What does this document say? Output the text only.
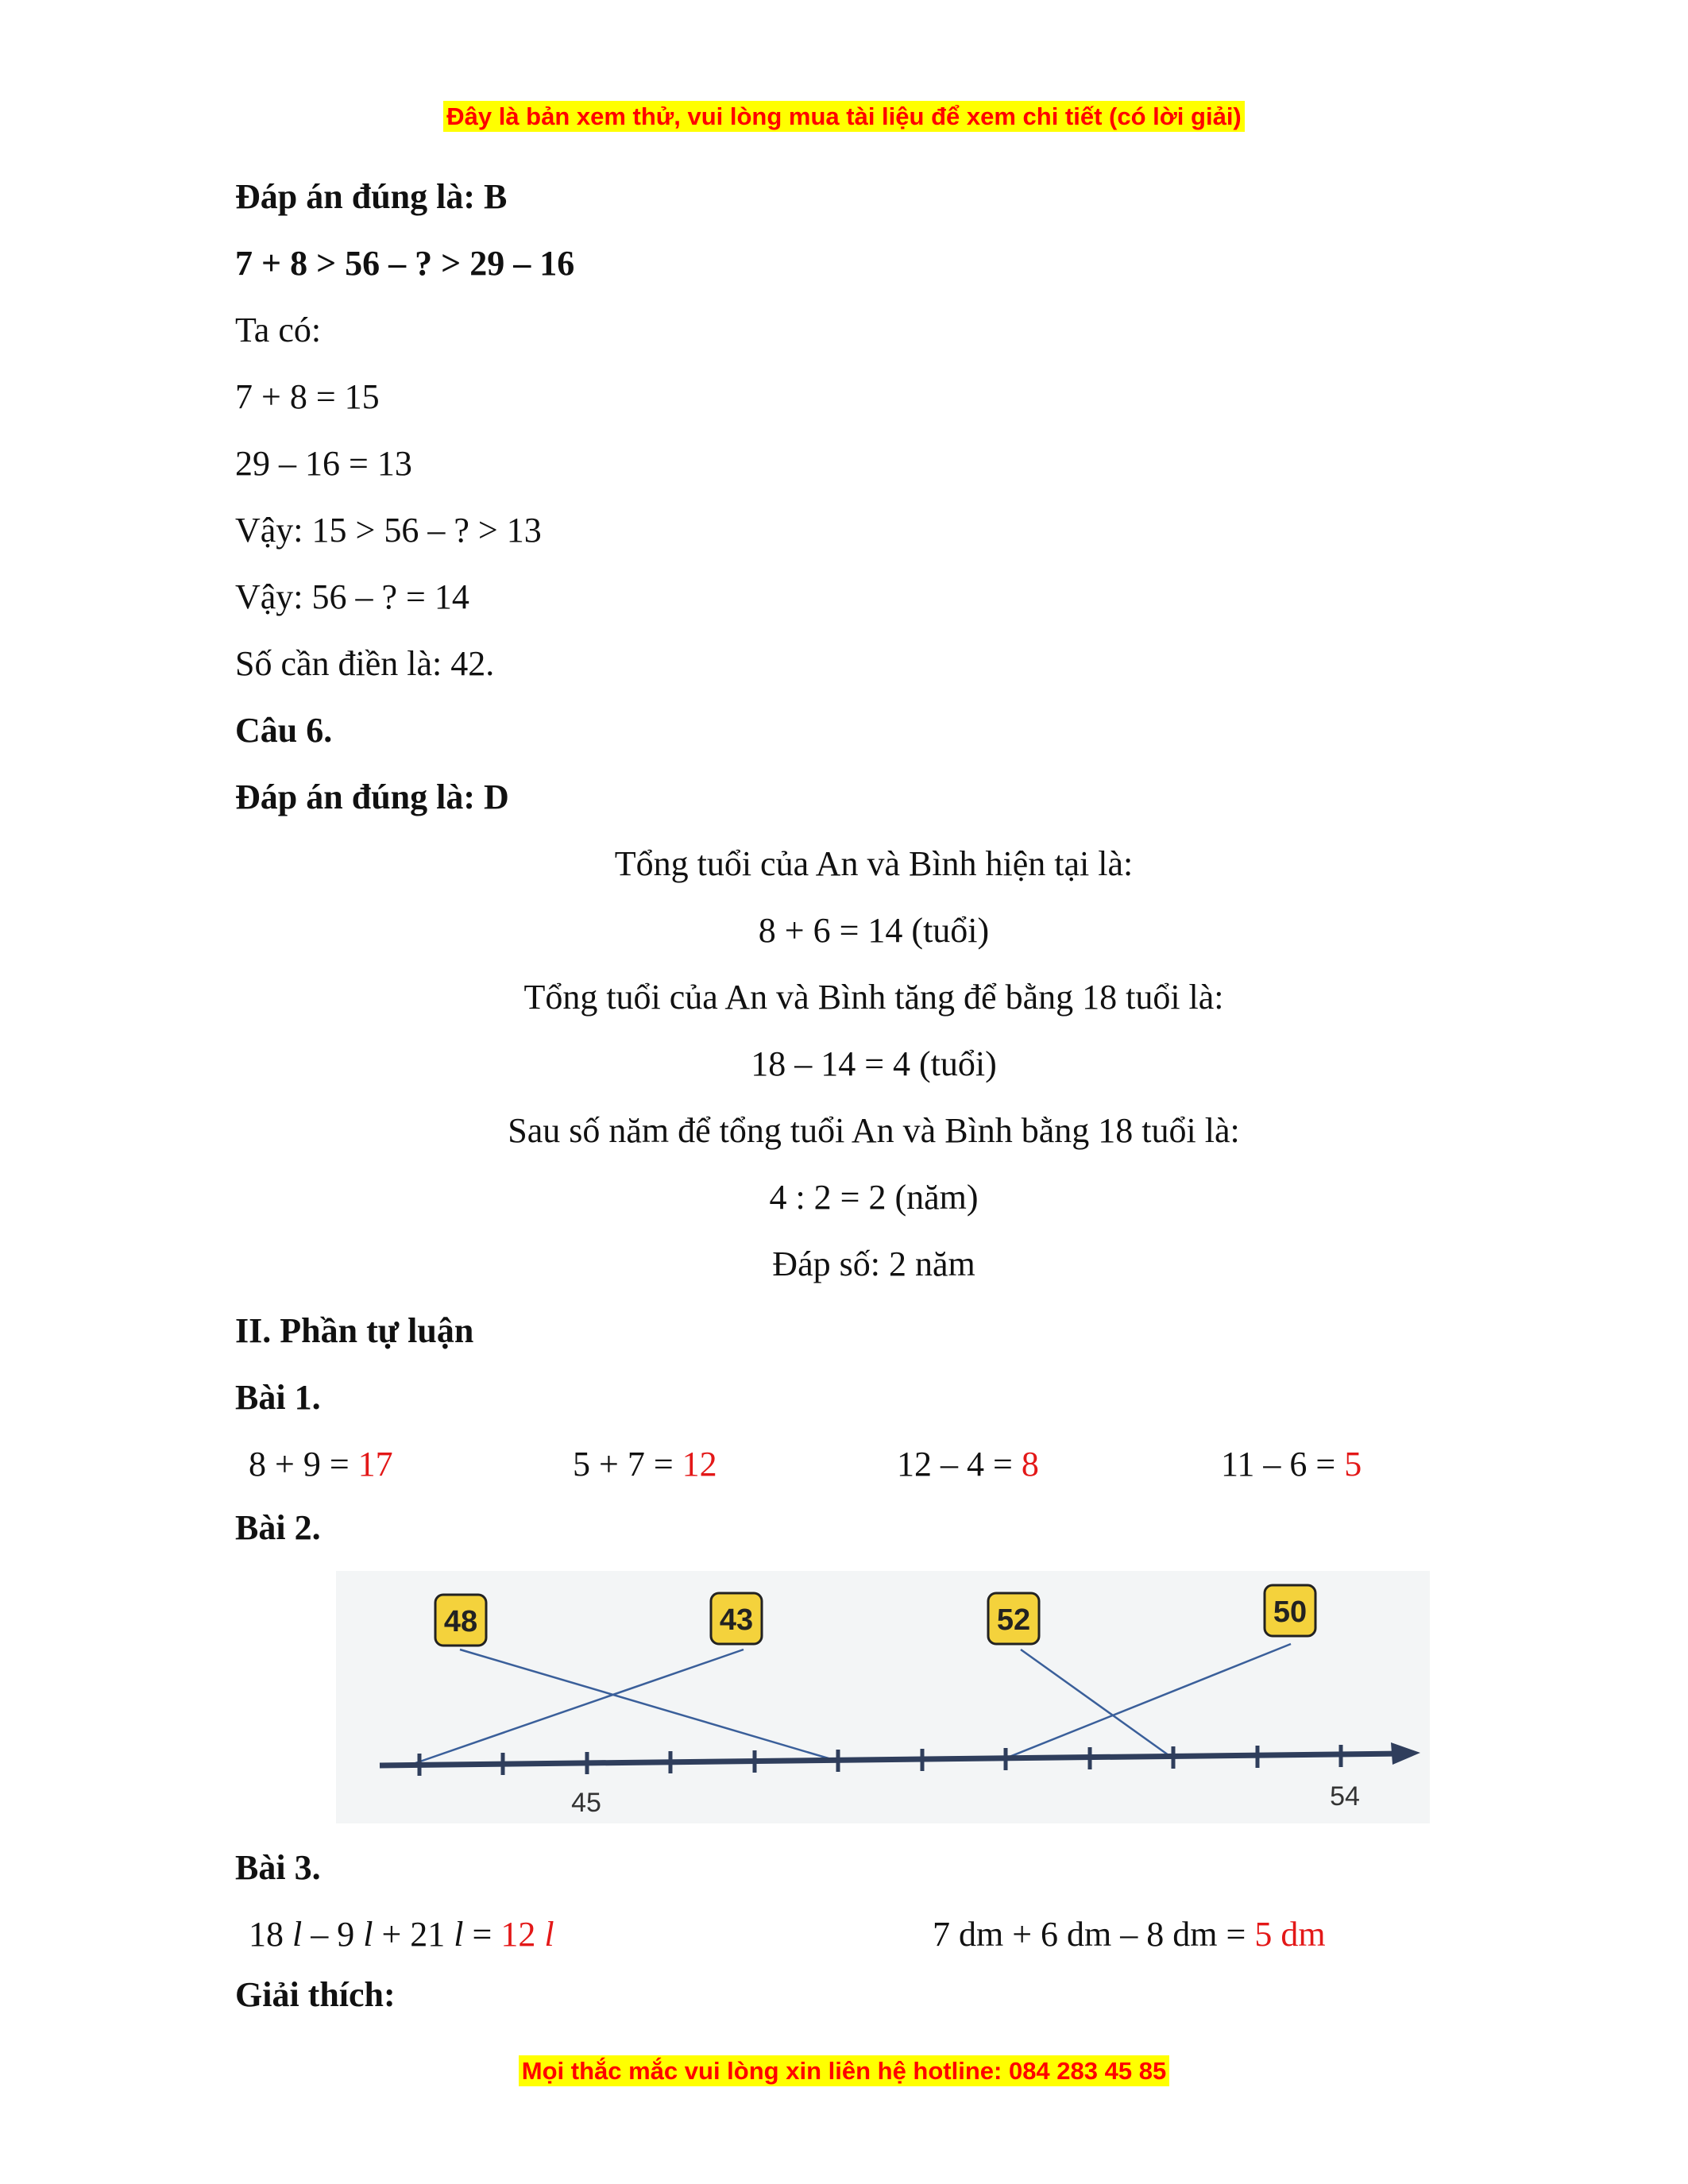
Đây là bản xem thử, vui lòng mua tài liệu để xem chi tiết (có lời giải)
Đáp án đúng là: B
7 + 8 > 56 – ? > 29 – 16
Ta có:
7 + 8 = 15
29 – 16 = 13
Vậy: 15 > 56 – ? > 13
Vậy: 56 – ? = 14
Số cần điền là: 42.
Câu 6.
Đáp án đúng là: D
Tổng tuổi của An và Bình hiện tại là:
8 + 6 = 14 (tuổi)
Tổng tuổi của An và Bình tăng để bằng 18 tuổi là:
18 – 14 = 4 (tuổi)
Sau số năm để tổng tuổi An và Bình bằng 18 tuổi là:
4 : 2 = 2 (năm)
Đáp số: 2 năm
II. Phần tự luận
Bài 1.
8 + 9 = 17	5 + 7 = 12	12 – 4 = 8	11 – 6 = 5
Bài 2.
45	54
48	43	52	50
Bài 3.
18 l – 9 l + 21 l = 12 l	7 dm + 6 dm – 8 dm = 5 dm
Giải thích:
Mọi thắc mắc vui lòng xin liên hệ hotline: 084 283 45 85
